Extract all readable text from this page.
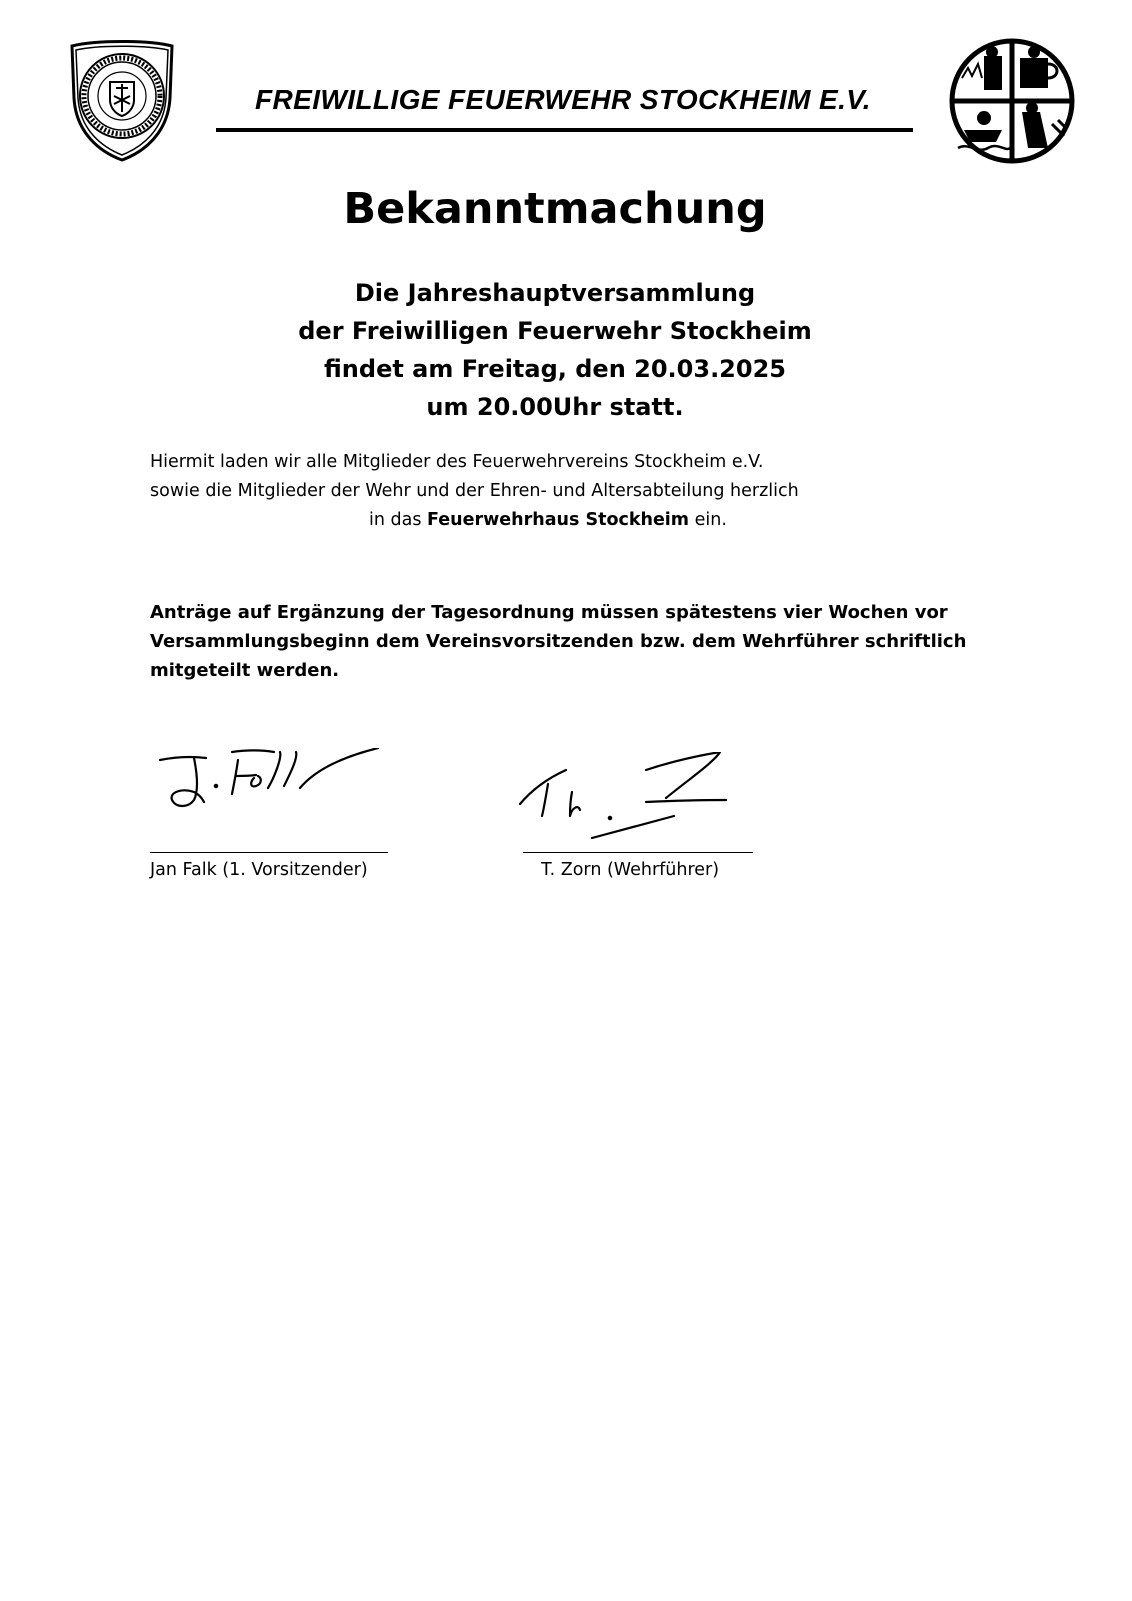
FREIWILLIGE FEUERWEHR STOCKHEIM E.V.
Bekanntmachung
Die Jahreshauptversammlung
der Freiwilligen Feuerwehr Stockheim
findet am Freitag, den 20.03.2025
um 20.00Uhr statt.
Hiermit laden wir alle Mitglieder des Feuerwehrvereins Stockheim e.V.
sowie die Mitglieder der Wehr und der Ehren- und Altersabteilung herzlich
in das Feuerwehrhaus Stockheim ein.
Anträge auf Ergänzung der Tagesordnung müssen spätestens vier Wochen vor
Versammlungsbeginn dem Vereinsvorsitzenden bzw. dem Wehrführer schriftlich
mitgeteilt werden.
Jan Falk (1. Vorsitzender)	T. Zorn (Wehrführer)
